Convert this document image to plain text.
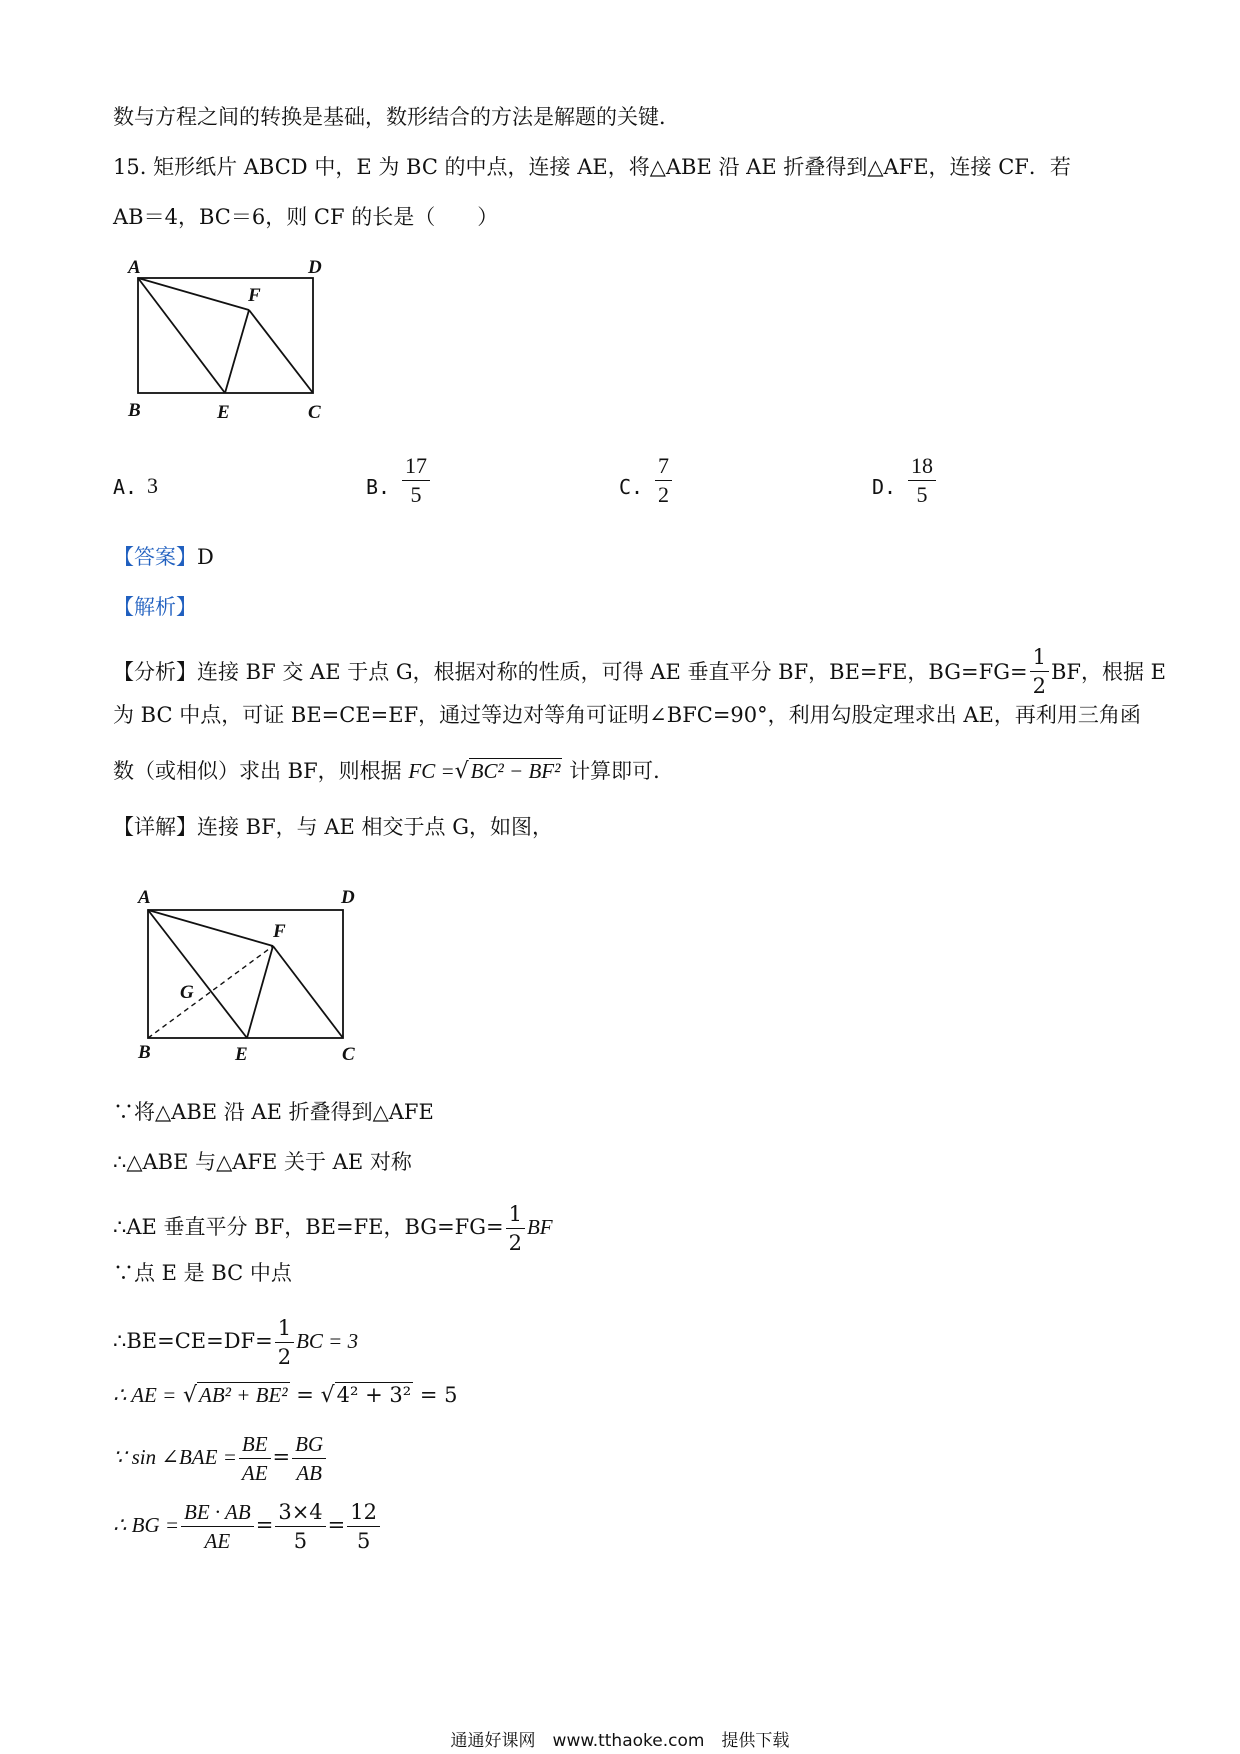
数与方程之间的转换是基础，数形结合的方法是解题的关键．
15. 矩形纸片 ABCD 中，E 为 BC 的中点，连接 AE，将△ABE 沿 AE 折叠得到△AFE，连接 CF．若
AB＝4，BC＝6，则 CF 的长是（　　）
A	D
F
B	E	C
A. 3	B. $\frac{17}{5}$	C. $\frac{7}{2}$	D. $\frac{18}{5}$
【答案】D
【解析】
【分析】连接 BF 交 AE 于点 G，根据对称的性质，可得 AE 垂直平分 BF，BE=FE，$BG=FG= \frac{1}{2}$ BF，根据 E
为 BC 中点，可证 BE=CE=EF，通过等边对等角可证明∠BFC=90°，利用勾股定理求出 AE，再利用三角函
数（或相似）求出 BF，则根据 FC =√BC² − BF² 计算即可．
【详解】连接 BF，与 AE 相交于点 G，如图，
A	D
F
G
B	E	C
∵将△ABE 沿 AE 折叠得到△AFE
∴△ABE 与△AFE 关于 AE 对称
∴AE 垂直平分 BF，BE=FE，$BG=FG= \frac{1}{2}$ BF
∵点 E 是 BC 中点
∴BE=CE=DF= $\frac{1}{2}$ BC = 3
∴ AE = √AB² + BE² = √4² + 3² = 5
∵ sin ∠BAE = $\frac{BE}{AE} = \frac{BG}{AB}$
∴ BG = $\frac{BE \cdot AB}{AE} = \frac{3\times 4}{5} = \frac{12}{5}$
通通好课网　www.tthaoke.com　提供下载
